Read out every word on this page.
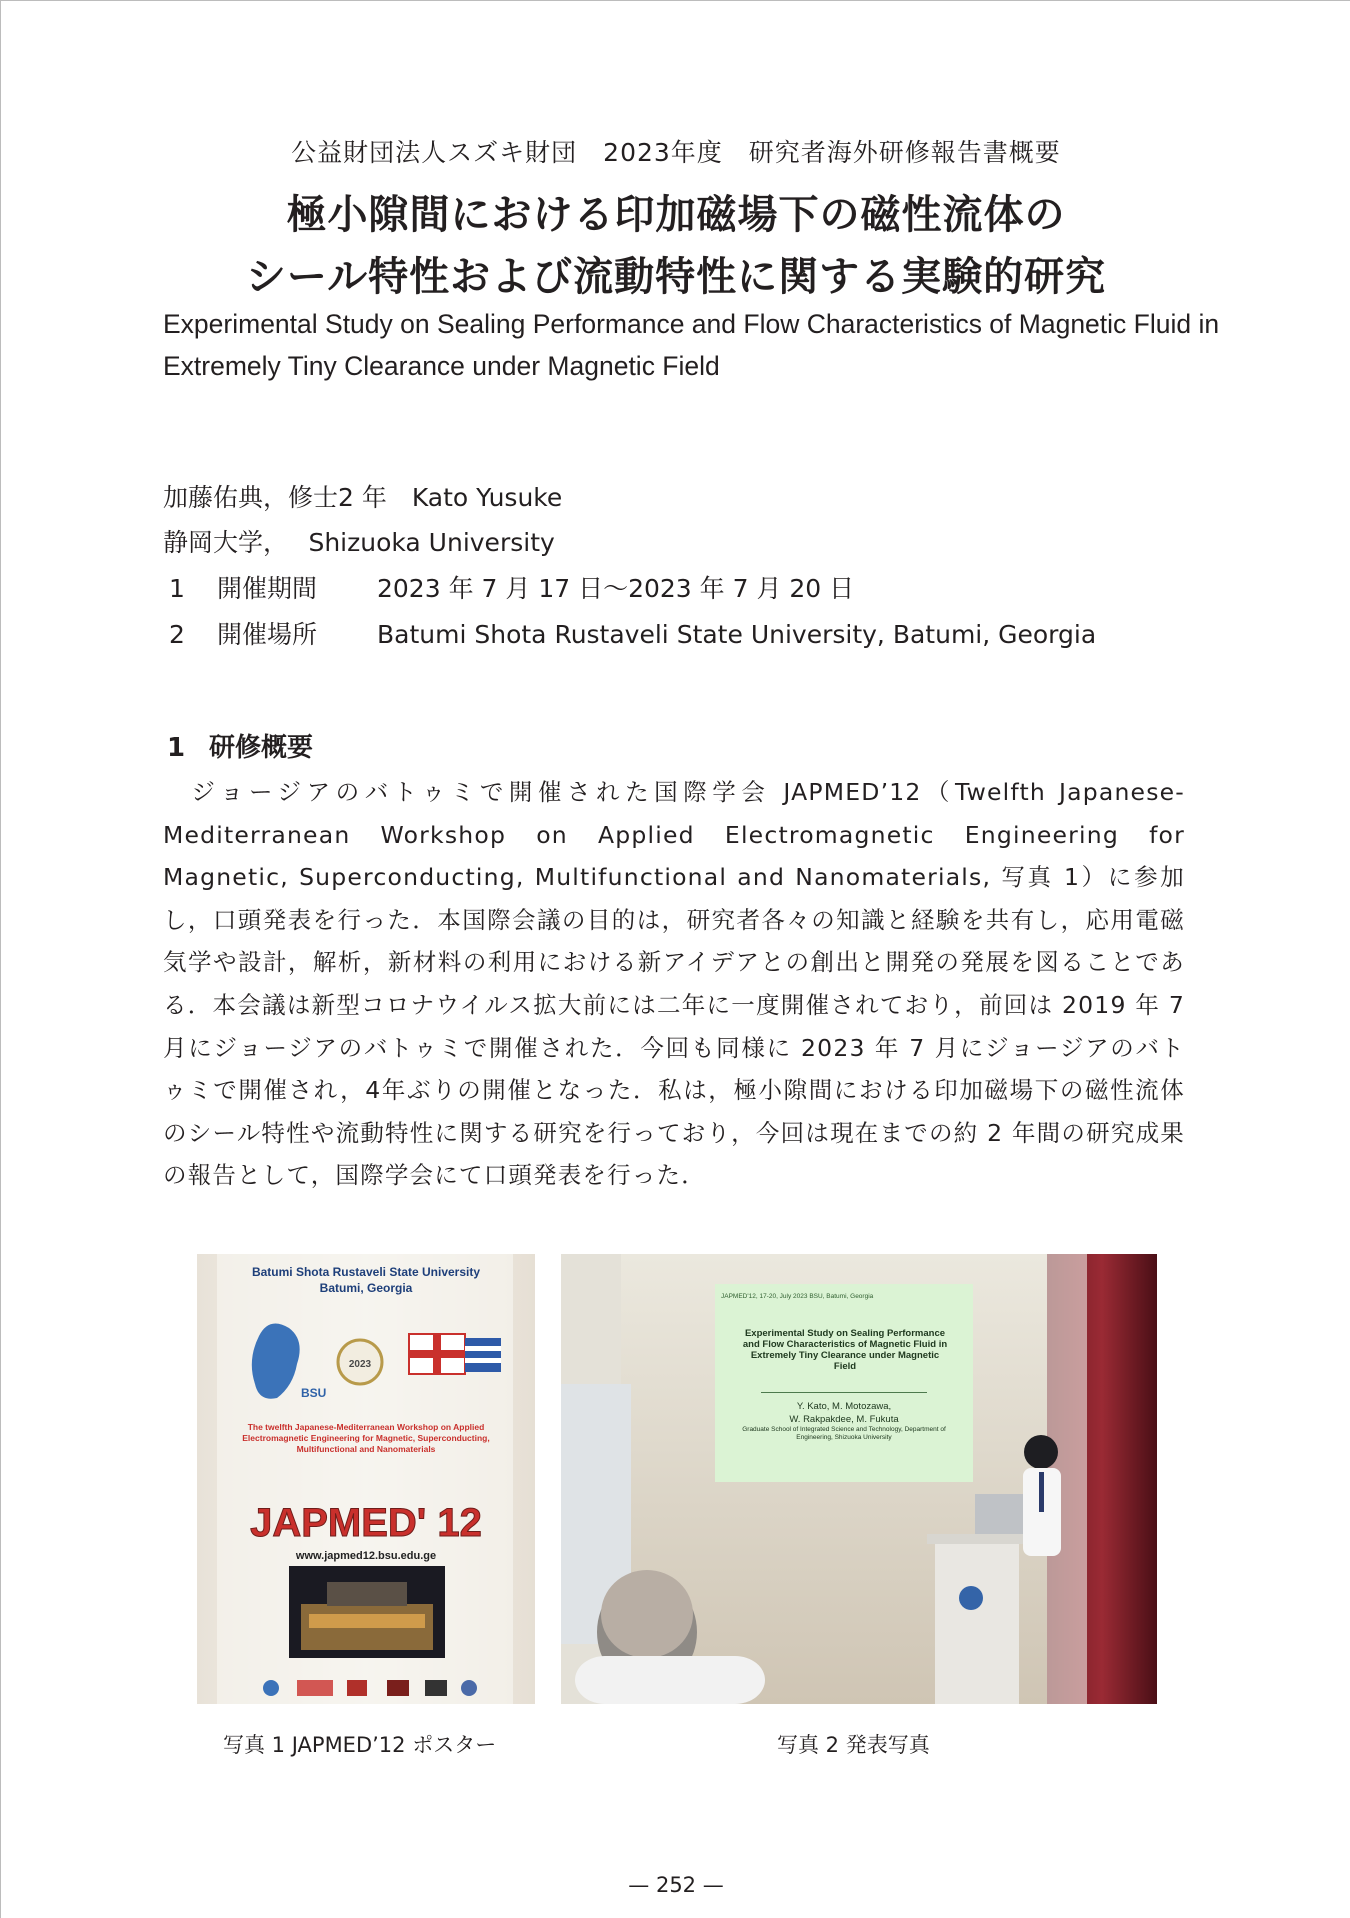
公益財団法人スズキ財団　2023年度　研究者海外研修報告書概要
極小隙間における印加磁場下の磁性流体の
シール特性および流動特性に関する実験的研究
Experimental Study on Sealing Performance and Flow Characteristics of Magnetic Fluid in Extremely Tiny Clearance under Magnetic Field
加藤佑典，修士2 年　Kato Yusuke
静岡大学，　 Shizuoka University
1 開催期間 2023 年 7 月 17 日〜2023 年 7 月 20 日
2 開催場所 Batumi Shota Rustaveli State University, Batumi, Georgia
1 研修概要

ジョージアのバトゥミで開催された国際学会 JAPMED’12（Twelfth Japanese-Mediterranean Workshop on Applied Electromagnetic Engineering for Magnetic, Superconducting, Multifunctional and Nanomaterials, 写真 1）に参加し，口頭発表を行った．本国際会議の目的は，研究者各々の知識と経験を共有し，応用電磁気学や設計，解析，新材料の利用における新アイデアとの創出と開発の発展を図ることである．本会議は新型コロナウイルス拡大前には二年に一度開催されており，前回は 2019 年 7 月にジョージアのバトゥミで開催された．今回も同様に 2023 年 7 月にジョージアのバトゥミで開催され，4年ぶりの開催となった．私は，極小隙間における印加磁場下の磁性流体のシール特性や流動特性に関する研究を行っており，今回は現在までの約 2 年間の研究成果の報告として，国際学会にて口頭発表を行った．

Batumi Shota Rustaveli State University
Batumi, Georgia
BSU
2023
The twelfth Japanese-Mediterranean Workshop on Applied Electromagnetic Engineering for Magnetic, Superconducting, Multifunctional and Nanomaterials
JAPMED' 12
www.japmed12.bsu.edu.ge
JAPMED'12, 17-20, July 2023 BSU, Batumi, Georgia
Experimental Study on Sealing Performance and Flow Characteristics of Magnetic Fluid in Extremely Tiny Clearance under Magnetic Field
Y. Kato, M. Motozawa,
W. Rakpakdee, M. Fukuta
Graduate School of Integrated Science and Technology, Department of Engineering, Shizuoka University
写真 1 JAPMED’12 ポスター	写真 2 発表写真
— 252 —
